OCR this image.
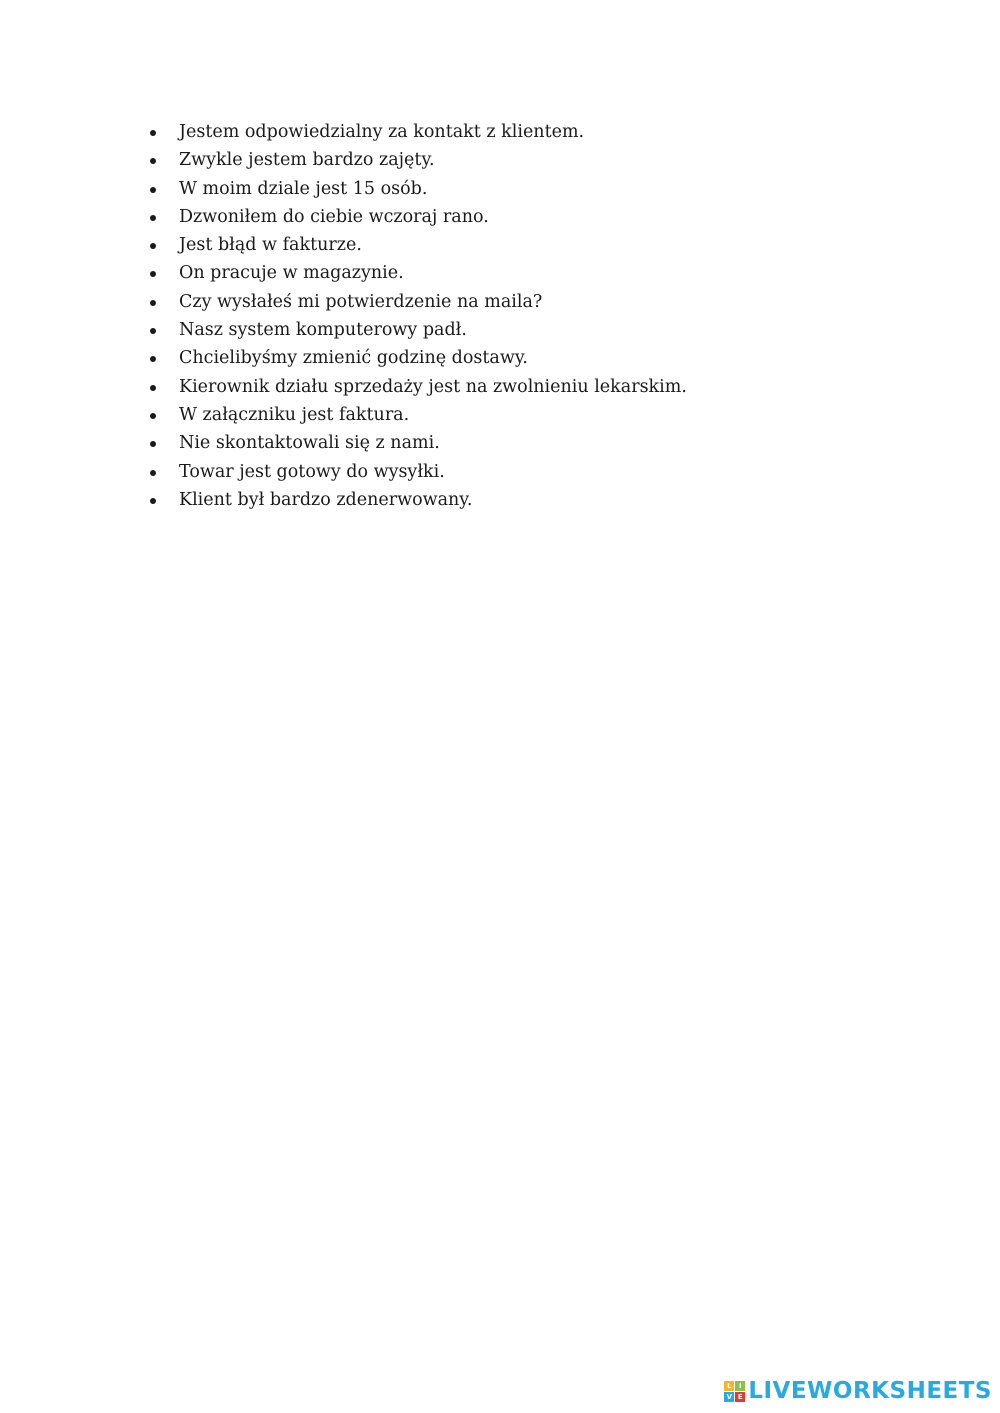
Jestem odpowiedzialny za kontakt z klientem.
Zwykle jestem bardzo zajęty.
W moim dziale jest 15 osób.
Dzwoniłem do ciebie wczoraj rano.
Jest błąd w fakturze.
On pracuje w magazynie.
Czy wysłałeś mi potwierdzenie na maila?
Nasz system komputerowy padł.
Chcielibyśmy zmienić godzinę dostawy.
Kierownik działu sprzedaży jest na zwolnieniu lekarskim.
W załączniku jest faktura.
Nie skontaktowali się z nami.
Towar jest gotowy do wysyłki.
Klient był bardzo zdenerwowany.
L	I
V E LIVEWORKSHEETS
